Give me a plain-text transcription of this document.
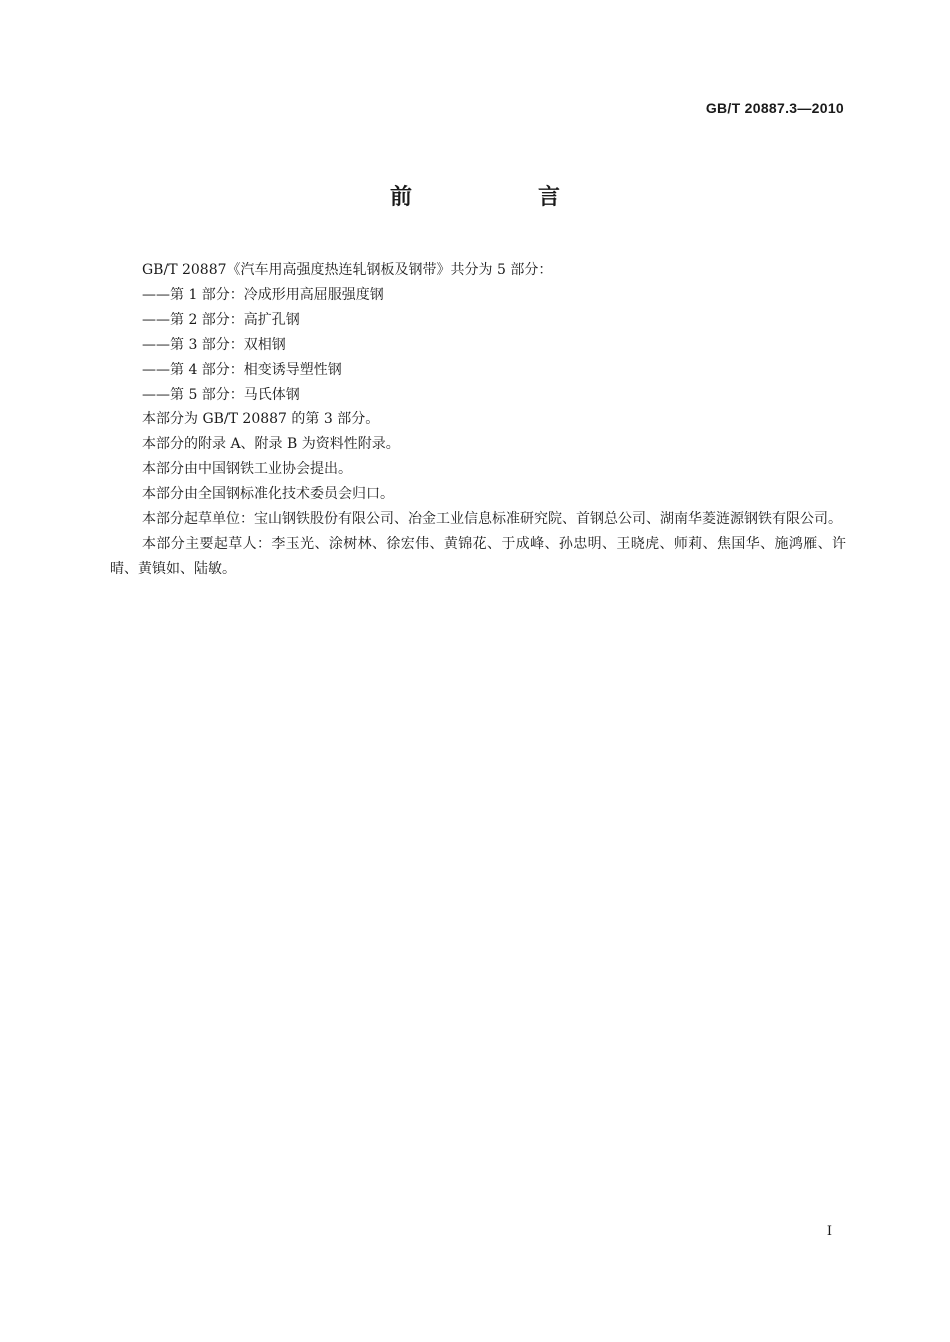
GB/T 20887.3—2010
前　言

GB/T 20887《汽车用高强度热连轧钢板及钢带》共分为 5 部分：

——第 1 部分：冷成形用高屈服强度钢

——第 2 部分：高扩孔钢

——第 3 部分：双相钢

——第 4 部分：相变诱导塑性钢

——第 5 部分：马氏体钢

本部分为 GB/T 20887 的第 3 部分。

本部分的附录 A、附录 B 为资料性附录。

本部分由中国钢铁工业协会提出。

本部分由全国钢标准化技术委员会归口。

本部分起草单位：宝山钢铁股份有限公司、冶金工业信息标准研究院、首钢总公司、湖南华菱涟源钢铁有限公司。

本部分主要起草人：李玉光、涂树林、徐宏伟、黄锦花、于成峰、孙忠明、王晓虎、师莉、焦国华、施鸿雁、许晴、黄镇如、陆敏。

I
